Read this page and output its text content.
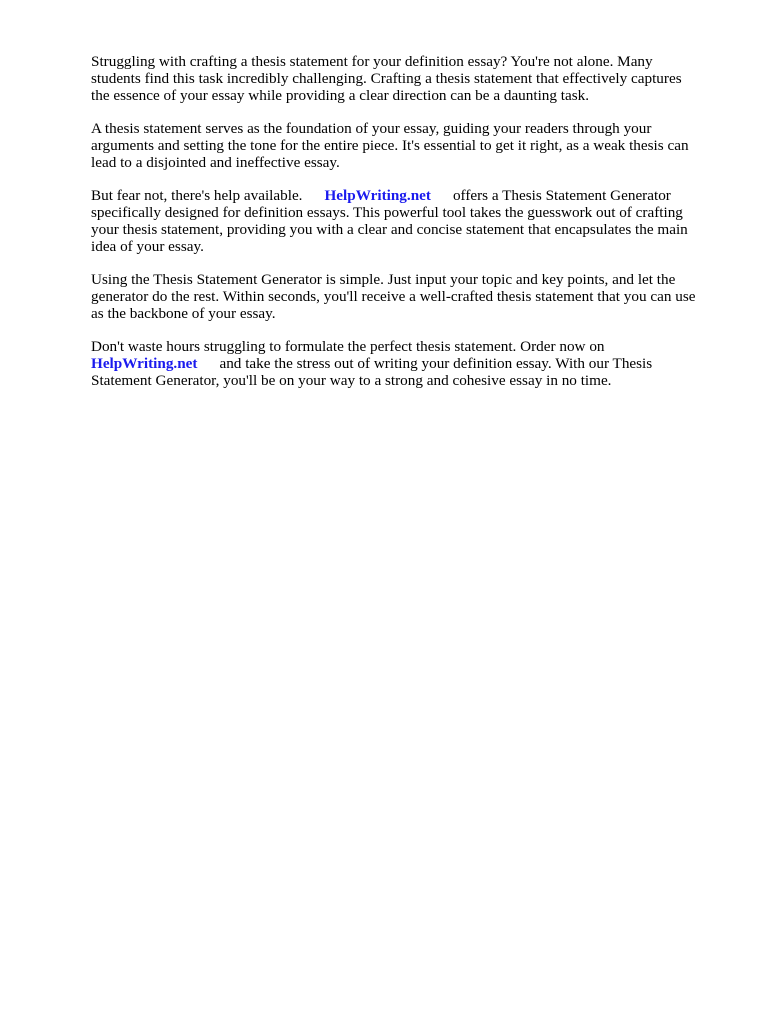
Struggling with crafting a thesis statement for your definition essay? You're not alone. Many
students find this task incredibly challenging. Crafting a thesis statement that effectively captures
the essence of your essay while providing a clear direction can be a daunting task.

A thesis statement serves as the foundation of your essay, guiding your readers through your
arguments and setting the tone for the entire piece. It's essential to get it right, as a weak thesis can
lead to a disjointed and ineffective essay.

But fear not, there's help available. HelpWriting.net offers a Thesis Statement Generator
specifically designed for definition essays. This powerful tool takes the guesswork out of crafting
your thesis statement, providing you with a clear and concise statement that encapsulates the main
idea of your essay.

Using the Thesis Statement Generator is simple. Just input your topic and key points, and let the
generator do the rest. Within seconds, you'll receive a well-crafted thesis statement that you can use
as the backbone of your essay.

Don't waste hours struggling to formulate the perfect thesis statement. Order now on
HelpWriting.net and take the stress out of writing your definition essay. With our Thesis
Statement Generator, you'll be on your way to a strong and cohesive essay in no time.
